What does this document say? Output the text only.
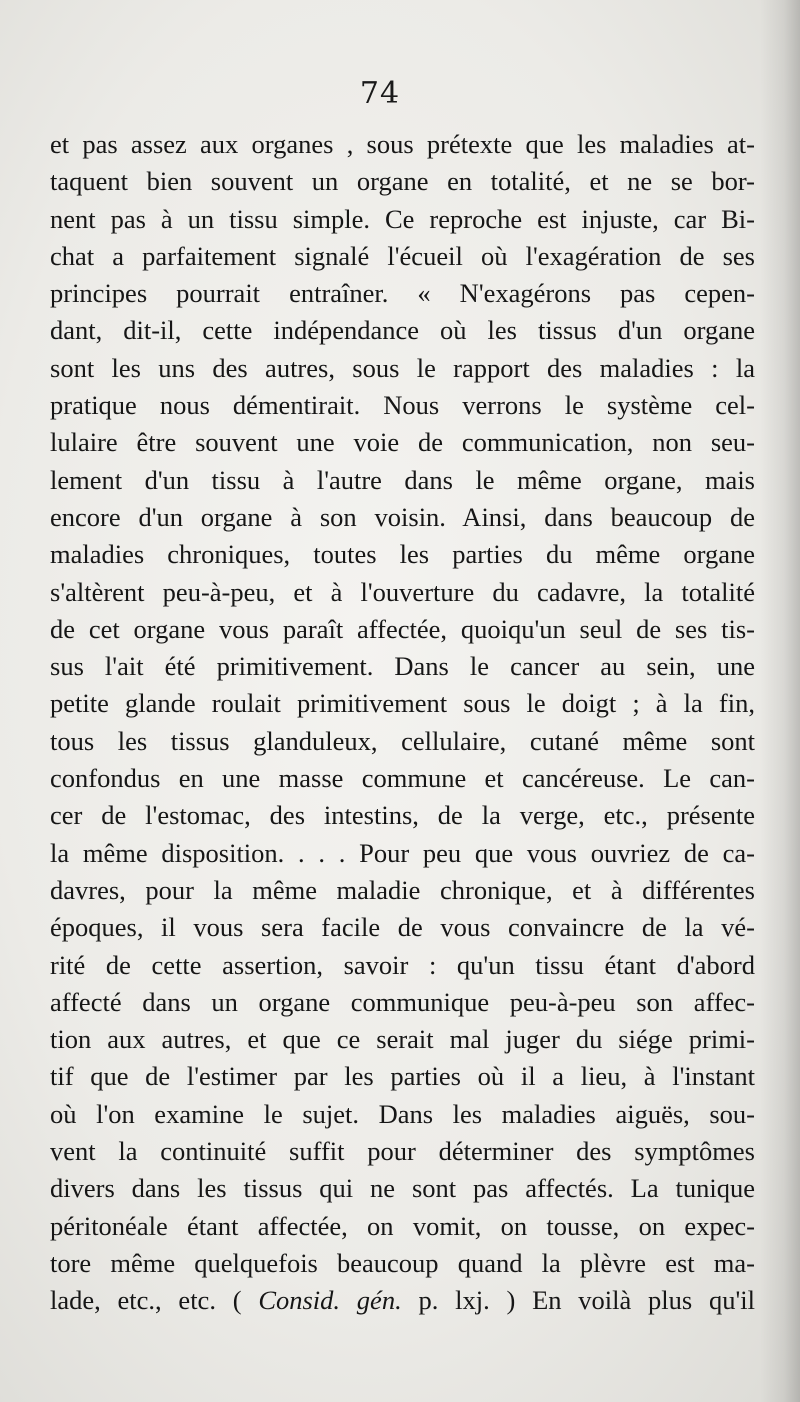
74
et pas assez aux organes , sous prétexte que les maladies at-
taquent bien souvent un organe en totalité, et ne se bor-
nent pas à un tissu simple. Ce reproche est injuste, car Bi-
chat a parfaitement signalé l'écueil où l'exagération de ses
principes pourrait entraîner. « N'exagérons pas cepen-
dant, dit-il, cette indépendance où les tissus d'un organe
sont les uns des autres, sous le rapport des maladies : la
pratique nous démentirait. Nous verrons le système cel-
lulaire être souvent une voie de communication, non seu-
lement d'un tissu à l'autre dans le même organe, mais
encore d'un organe à son voisin. Ainsi, dans beaucoup de
maladies chroniques, toutes les parties du même organe
s'altèrent peu-à-peu, et à l'ouverture du cadavre, la totalité
de cet organe vous paraît affectée, quoiqu'un seul de ses tis-
sus l'ait été primitivement. Dans le cancer au sein, une
petite glande roulait primitivement sous le doigt ; à la fin,
tous les tissus glanduleux, cellulaire, cutané même sont
confondus en une masse commune et cancéreuse. Le can-
cer de l'estomac, des intestins, de la verge, etc., présente
la même disposition. . . . Pour peu que vous ouvriez de ca-
davres, pour la même maladie chronique, et à différentes
époques, il vous sera facile de vous convaincre de la vé-
rité de cette assertion, savoir : qu'un tissu étant d'abord
affecté dans un organe communique peu-à-peu son affec-
tion aux autres, et que ce serait mal juger du siége primi-
tif que de l'estimer par les parties où il a lieu, à l'instant
où l'on examine le sujet. Dans les maladies aiguës, sou-
vent la continuité suffit pour déterminer des symptômes
divers dans les tissus qui ne sont pas affectés. La tunique
péritonéale étant affectée, on vomit, on tousse, on expec-
tore même quelquefois beaucoup quand la plèvre est ma-
lade, etc., etc. ( Consid. gén. p. lxj. ) En voilà plus qu'il
